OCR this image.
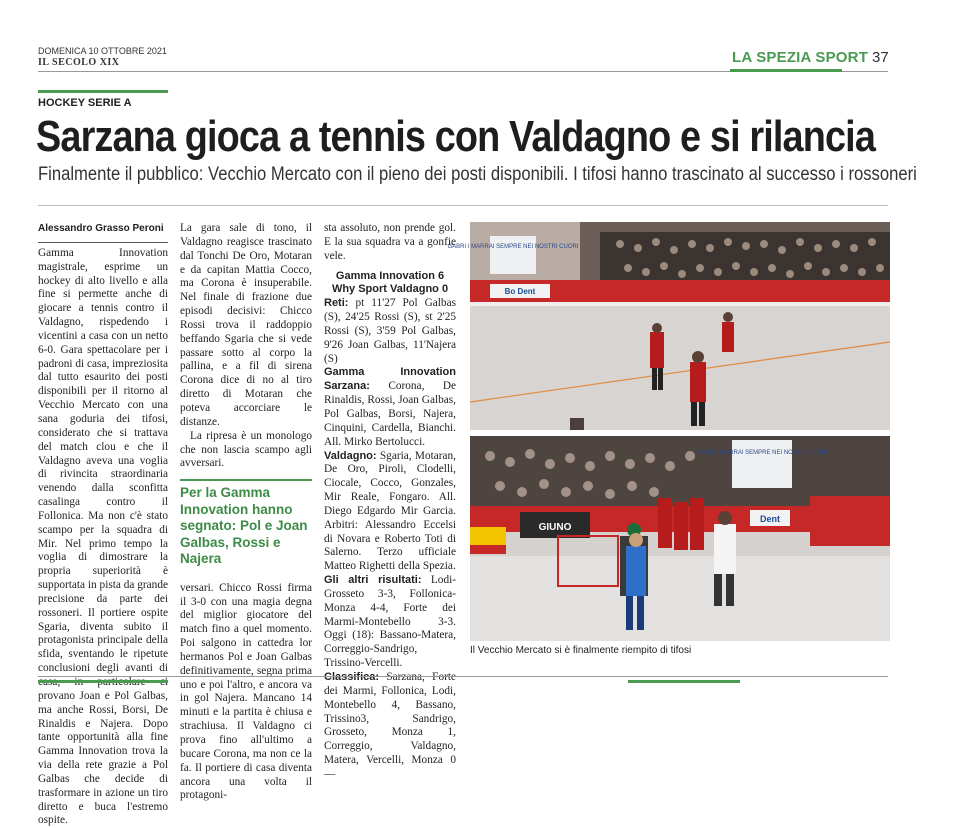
DOMENICA 10 OTTOBRE 2021
IL SECOLO XIX	LA SPEZIA SPORT 37
HOCKEY SERIE A
Sarzana gioca a tennis con Valdagno e si rilancia
Finalmente il pubblico: Vecchio Mercato con il pieno dei posti disponibili. I tifosi hanno trascinato al successo i rossoneri
Alessandro Grasso Peroni

Gamma Innovation magistrale, esprime un hockey di alto livello e alla fine si permette anche di giocare a tennis contro il Valdagno, rispedendo i vicentini a casa con un netto 6-0. Gara spettacolare per i padroni di casa, impreziosita dal tutto esaurito dei posti disponibili per il ritorno al Vecchio Mercato con una sana goduria dei tifosi, considerato che si trattava del match clou e che il Valdagno aveva una voglia di rivincita straordinaria venendo dalla sconfitta casalinga contro il Follonica. Ma non c'è stato scampo per la squadra di Mir. Nel primo tempo la voglia di dimostrare la propria superiorità è supportata in pista da grande precisione da parte dei rossoneri. Il portiere ospite Sgaria, diventa subito il protagonista principale della sfida, sventando le ripetute conclusioni degli avanti di provano Joan e Pol Galbas, ma anche Rossi, Borsi, De Rinaldis e Najera. Dopo tante opportunità alla fine Gamma Innovation trova la via della rete grazie a Pol Galbas che decide di trasformare in azione un tiro diretto e buca l'estremo ospite.

La gara sale di tono, il Valdagno reagisce trascinato dal Tonchi De Oro, Motaran e da capitan Mattia Cocco, ma Corona è insuperabile. Nel finale di frazione due episodi decisivi: Chicco Rossi trova il raddoppio beffando Sgaria che si vede passare sotto al corpo la pallina, e a fil di sirena Corona dice di no al tiro diretto di Motaran che poteva accorciare le distanze.

La ripresa è un monologo che non lascia scampo agli avversari.

Per la Gamma Innovation hanno segnato: Pol e Joan Galbas, Rossi e Najera

versari. Chicco Rossi firma il 3-0 con una magia degna del miglior giocatore del match fino a quel momento. Poi salgono in cattedra lor hermanos Pol e Joan Galbas definitivamente, segna prima uno e poi l'altro, e ancora va in gol Najera. Mancano 14 minuti e la partita è chiusa e strachiusa. Il Valdagno ci prova fino all'ultimo a bucare Corona, ma non ce la fa. Il portiere di casa diventa ancora una volta il protagoni-

sta assoluto, non prende gol. E la sua squadra va a gonfie vele.

Gamma Innovation 6
Why Sport Valdagno 0

Reti: pt 11'27 Pol Galbas (S), 24'25 Rossi (S), st 2'25 Rossi (S), 3'59 Pol Galbas, 9'26 Joan Galbas, 11'Najera (S)

Gamma Innovation Sarzana: Corona, De Rinaldis, Rossi, Joan Galbas, Pol Galbas, Borsi, Najera, Cinquini, Cardella, Bianchi. All. Mirko Bertolucci.

Valdagno: Sgaria, Motaran, De Oro, Piroli, Clodelli, Ciocale, Cocco, Gonzales, Mir Reale, Fongaro. All. Diego Edgardo Mir Garcia. Arbitri: Alessandro Eccelsi di Novara e Roberto Toti di Salerno. Terzo ufficiale Matteo Righetti della Spezia.

Gli altri risultati: Lodi-Grosseto 3-3, Follonica-Monza 4-4, Forte dei Marmi-Montebello 3-3. Oggi (18): Bassano-Matera, Correggio-Sandrigo, Trissino-Vercelli.

Classifica: Sarzana, Forte dei Marmi, Follonica, Lodi, Montebello 4, Bassano, Trissino3, Sandrigo, Grosseto, Monza 1, Correggio, Valdagno, Matera, Vercelli, Monza 0 —

GABRI I MARRAI SEMPRE NEI NOSTRI CUORI
Bo Dent
GABRI I MARRAI SEMPRE NEI NOSTRI CUORI
GIUNO
Dent
Il Vecchio Mercato si è finalmente riempito di tifosi
